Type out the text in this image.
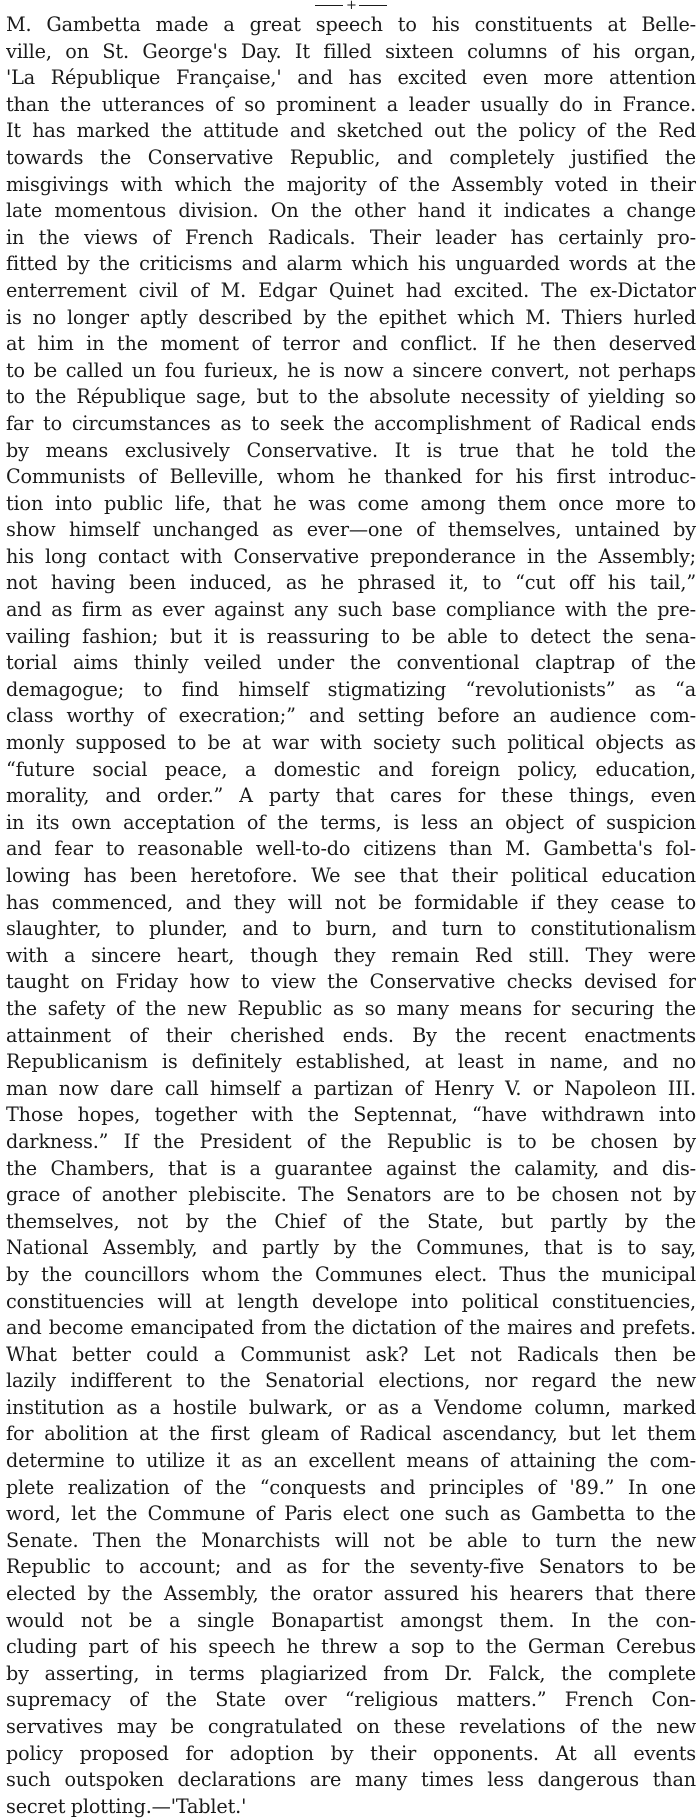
+
M. Gambetta made a great speech to his constituents at Belle-
ville, on St. George's Day. It filled sixteen columns of his organ,
'La République Française,' and has excited even more attention
than the utterances of so prominent a leader usually do in France.
It has marked the attitude and sketched out the policy of the Red
towards the Conservative Republic, and completely justified the
misgivings with which the majority of the Assembly voted in their
late momentous division. On the other hand it indicates a change
in the views of French Radicals. Their leader has certainly pro-
fitted by the criticisms and alarm which his unguarded words at the
enterrement civil of M. Edgar Quinet had excited. The ex-Dictator
is no longer aptly described by the epithet which M. Thiers hurled
at him in the moment of terror and conflict. If he then deserved
to be called un fou furieux, he is now a sincere convert, not perhaps
to the République sage, but to the absolute necessity of yielding so
far to circumstances as to seek the accomplishment of Radical ends
by means exclusively Conservative. It is true that he told the
Communists of Belleville, whom he thanked for his first introduc-
tion into public life, that he was come among them once more to
show himself unchanged as ever—one of themselves, untained by
his long contact with Conservative preponderance in the Assembly;
not having been induced, as he phrased it, to “cut off his tail,”
and as firm as ever against any such base compliance with the pre-
vailing fashion; but it is reassuring to be able to detect the sena-
torial aims thinly veiled under the conventional claptrap of the
demagogue; to find himself stigmatizing “revolutionists” as “a
class worthy of execration;” and setting before an audience com-
monly supposed to be at war with society such political objects as
“future social peace, a domestic and foreign policy, education,
morality, and order.” A party that cares for these things, even
in its own acceptation of the terms, is less an object of suspicion
and fear to reasonable well-to-do citizens than M. Gambetta's fol-
lowing has been heretofore. We see that their political education
has commenced, and they will not be formidable if they cease to
slaughter, to plunder, and to burn, and turn to constitutionalism
with a sincere heart, though they remain Red still. They were
taught on Friday how to view the Conservative checks devised for
the safety of the new Republic as so many means for securing the
attainment of their cherished ends. By the recent enactments
Republicanism is definitely established, at least in name, and no
man now dare call himself a partizan of Henry V. or Napoleon III.
Those hopes, together with the Septennat, “have withdrawn into
darkness.” If the President of the Republic is to be chosen by
the Chambers, that is a guarantee against the calamity, and dis-
grace of another plebiscite. The Senators are to be chosen not by
themselves, not by the Chief of the State, but partly by the
National Assembly, and partly by the Communes, that is to say,
by the councillors whom the Communes elect. Thus the municipal
constituencies will at length develope into political constituencies,
and become emancipated from the dictation of the maires and prefets.
What better could a Communist ask? Let not Radicals then be
lazily indifferent to the Senatorial elections, nor regard the new
institution as a hostile bulwark, or as a Vendome column, marked
for abolition at the first gleam of Radical ascendancy, but let them
determine to utilize it as an excellent means of attaining the com-
plete realization of the “conquests and principles of '89.” In one
word, let the Commune of Paris elect one such as Gambetta to the
Senate. Then the Monarchists will not be able to turn the new
Republic to account; and as for the seventy-five Senators to be
elected by the Assembly, the orator assured his hearers that there
would not be a single Bonapartist amongst them. In the con-
cluding part of his speech he threw a sop to the German Cerebus
by asserting, in terms plagiarized from Dr. Falck, the complete
supremacy of the State over “religious matters.” French Con-
servatives may be congratulated on these revelations of the new
policy proposed for adoption by their opponents. At all events
such outspoken declarations are many times less dangerous than
secret plotting.—'Tablet.'
